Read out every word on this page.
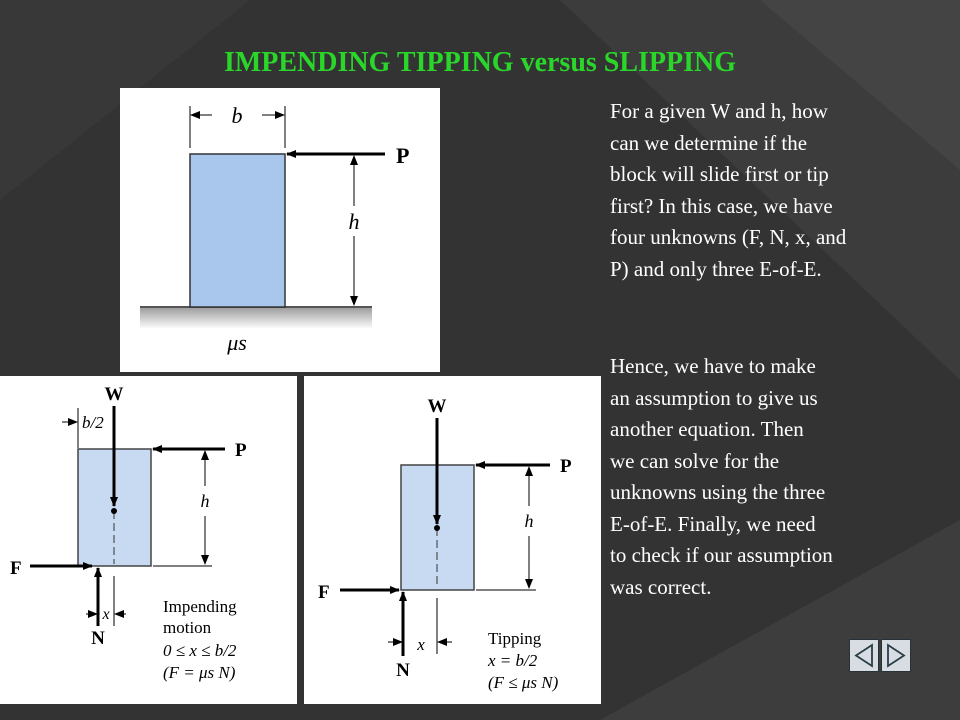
IMPENDING TIPPING versus SLIPPING
For a given W and h, how
can we determine if the
block will slide first or tip
first? In this case, we have
four unknowns (F, N, x, and
P) and only three E-of-E.
Hence, we have to make
an assumption to give us
another equation. Then
we can solve for the
unknowns using the three
E-of-E. Finally, we need
to check if our assumption
was correct.
b
P
h
μs
W
b/2
P
h
F
N
x	Impending
motion
0 ≤ x ≤ b/2
(F = μs N)
W
P
h
F
N
x	Tipping
x = b/2
(F ≤ μs N)
